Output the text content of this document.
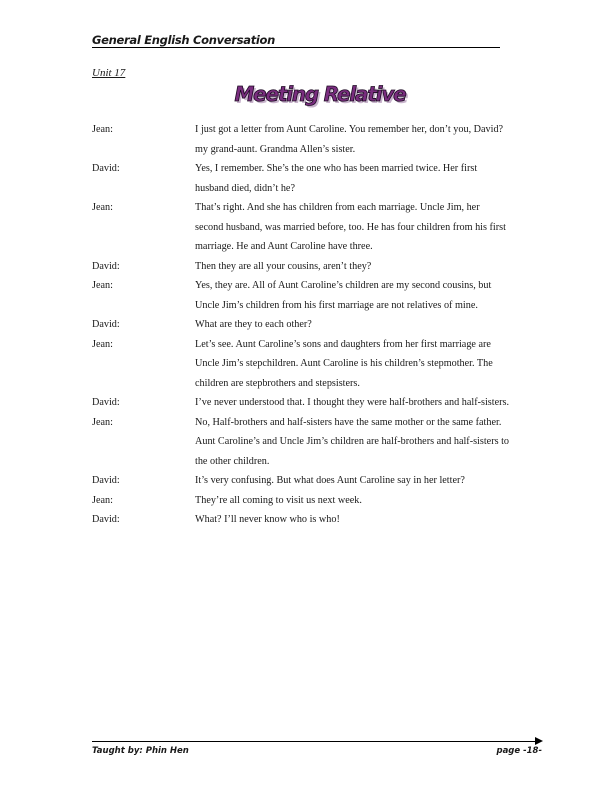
General English Conversation
Unit 17
Meeting Relative
Jean:	I just got a letter from Aunt Caroline. You remember her, don’t you, David?
my grand-aunt. Grandma Allen’s sister.
David:	Yes, I remember. She’s the one who has been married twice. Her first
husband died, didn’t he?
Jean:	That’s right. And she has children from each marriage. Uncle Jim, her
second husband, was married before, too. He has four children from his first
marriage. He and Aunt Caroline have three.
David:	Then they are all your cousins, aren’t they?
Jean:	Yes, they are. All of Aunt Caroline’s children are my second cousins, but
Uncle Jim’s children from his first marriage are not relatives of mine.
David:	What are they to each other?
Jean:	Let’s see. Aunt Caroline’s sons and daughters from her first marriage are
Uncle Jim’s stepchildren. Aunt Caroline is his children’s stepmother. The
children are stepbrothers and stepsisters.
David:	I’ve never understood that. I thought they were half-brothers and half-sisters.
Jean:	No, Half-brothers and half-sisters have the same mother or the same father.
Aunt Caroline’s and Uncle Jim’s children are half-brothers and half-sisters to
the other children.
David:	It’s very confusing. But what does Aunt Caroline say in her letter?
Jean:	They’re all coming to visit us next week.
David:	What? I’ll never know who is who!
Taught by: Phin Hen	page -18-
